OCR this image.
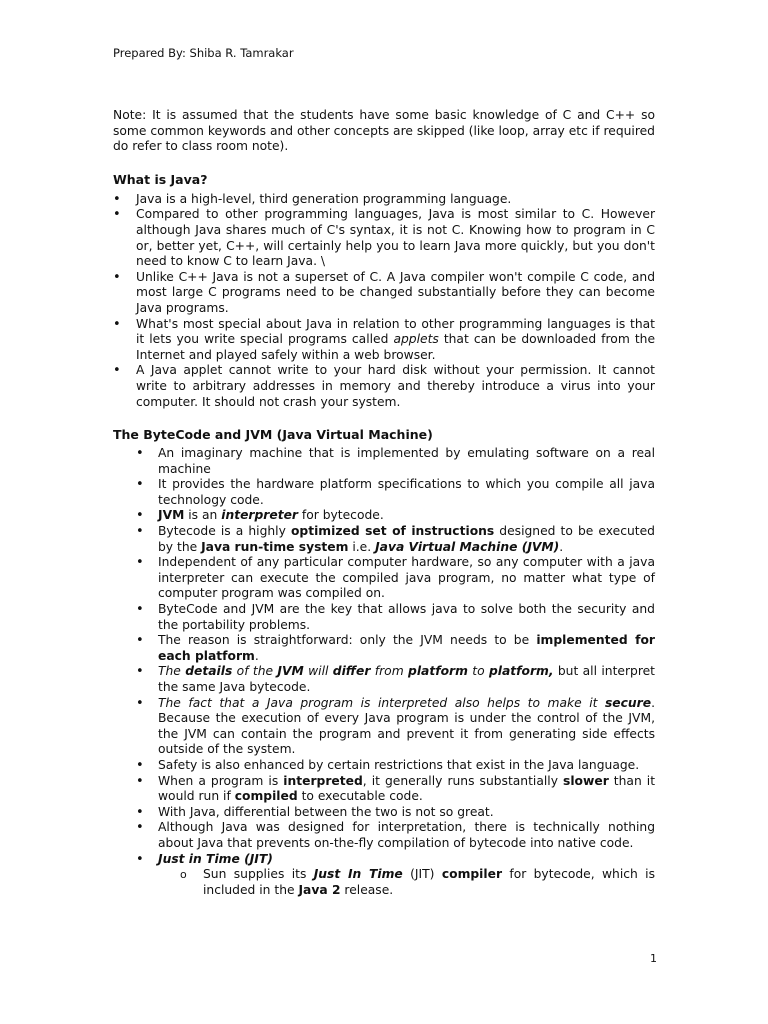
Prepared By: Shiba R. Tamrakar

Note: It is assumed that the students have some basic knowledge of C and C++ so some common keywords and other concepts are skipped (like loop, array etc if required do refer to class room note).

What is Java?
• Java is a high-level, third generation programming language.
• Compared to other programming languages, Java is most similar to C. However although Java shares much of C's syntax, it is not C. Knowing how to program in C or, better yet, C++, will certainly help you to learn Java more quickly, but you don't need to know C to learn Java. \
• Unlike C++ Java is not a superset of C. A Java compiler won't compile C code, and most large C programs need to be changed substantially before they can become Java programs.
• What's most special about Java in relation to other programming languages is that it lets you write special programs called applets that can be downloaded from the Internet and played safely within a web browser.
• A Java applet cannot write to your hard disk without your permission. It cannot write to arbitrary addresses in memory and thereby introduce a virus into your computer. It should not crash your system.
The ByteCode and JVM (Java Virtual Machine)
• An imaginary machine that is implemented by emulating software on a real machine
• It provides the hardware platform specifications to which you compile all java technology code.
• JVM is an interpreter for bytecode.
• Bytecode is a highly optimized set of instructions designed to be executed by the Java run-time system i.e. Java Virtual Machine (JVM).
• Independent of any particular computer hardware, so any computer with a java interpreter can execute the compiled java program, no matter what type of computer program was compiled on.
• ByteCode and JVM are the key that allows java to solve both the security and the portability problems.
• The reason is straightforward: only the JVM needs to be implemented for each platform.
• The details of the JVM will differ from platform to platform, but all interpret the same Java bytecode.
• The fact that a Java program is interpreted also helps to make it secure. Because the execution of every Java program is under the control of the JVM, the JVM can contain the program and prevent it from generating side effects outside of the system.
• Safety is also enhanced by certain restrictions that exist in the Java language.
• When a program is interpreted, it generally runs substantially slower than it would run if compiled to executable code.
• With Java, differential between the two is not so great.
• Although Java was designed for interpretation, there is technically nothing about Java that prevents on-the-fly compilation of bytecode into native code.
• Just in Time (JIT)
o Sun supplies its Just In Time (JIT) compiler for bytecode, which is included in the Java 2 release.
1
